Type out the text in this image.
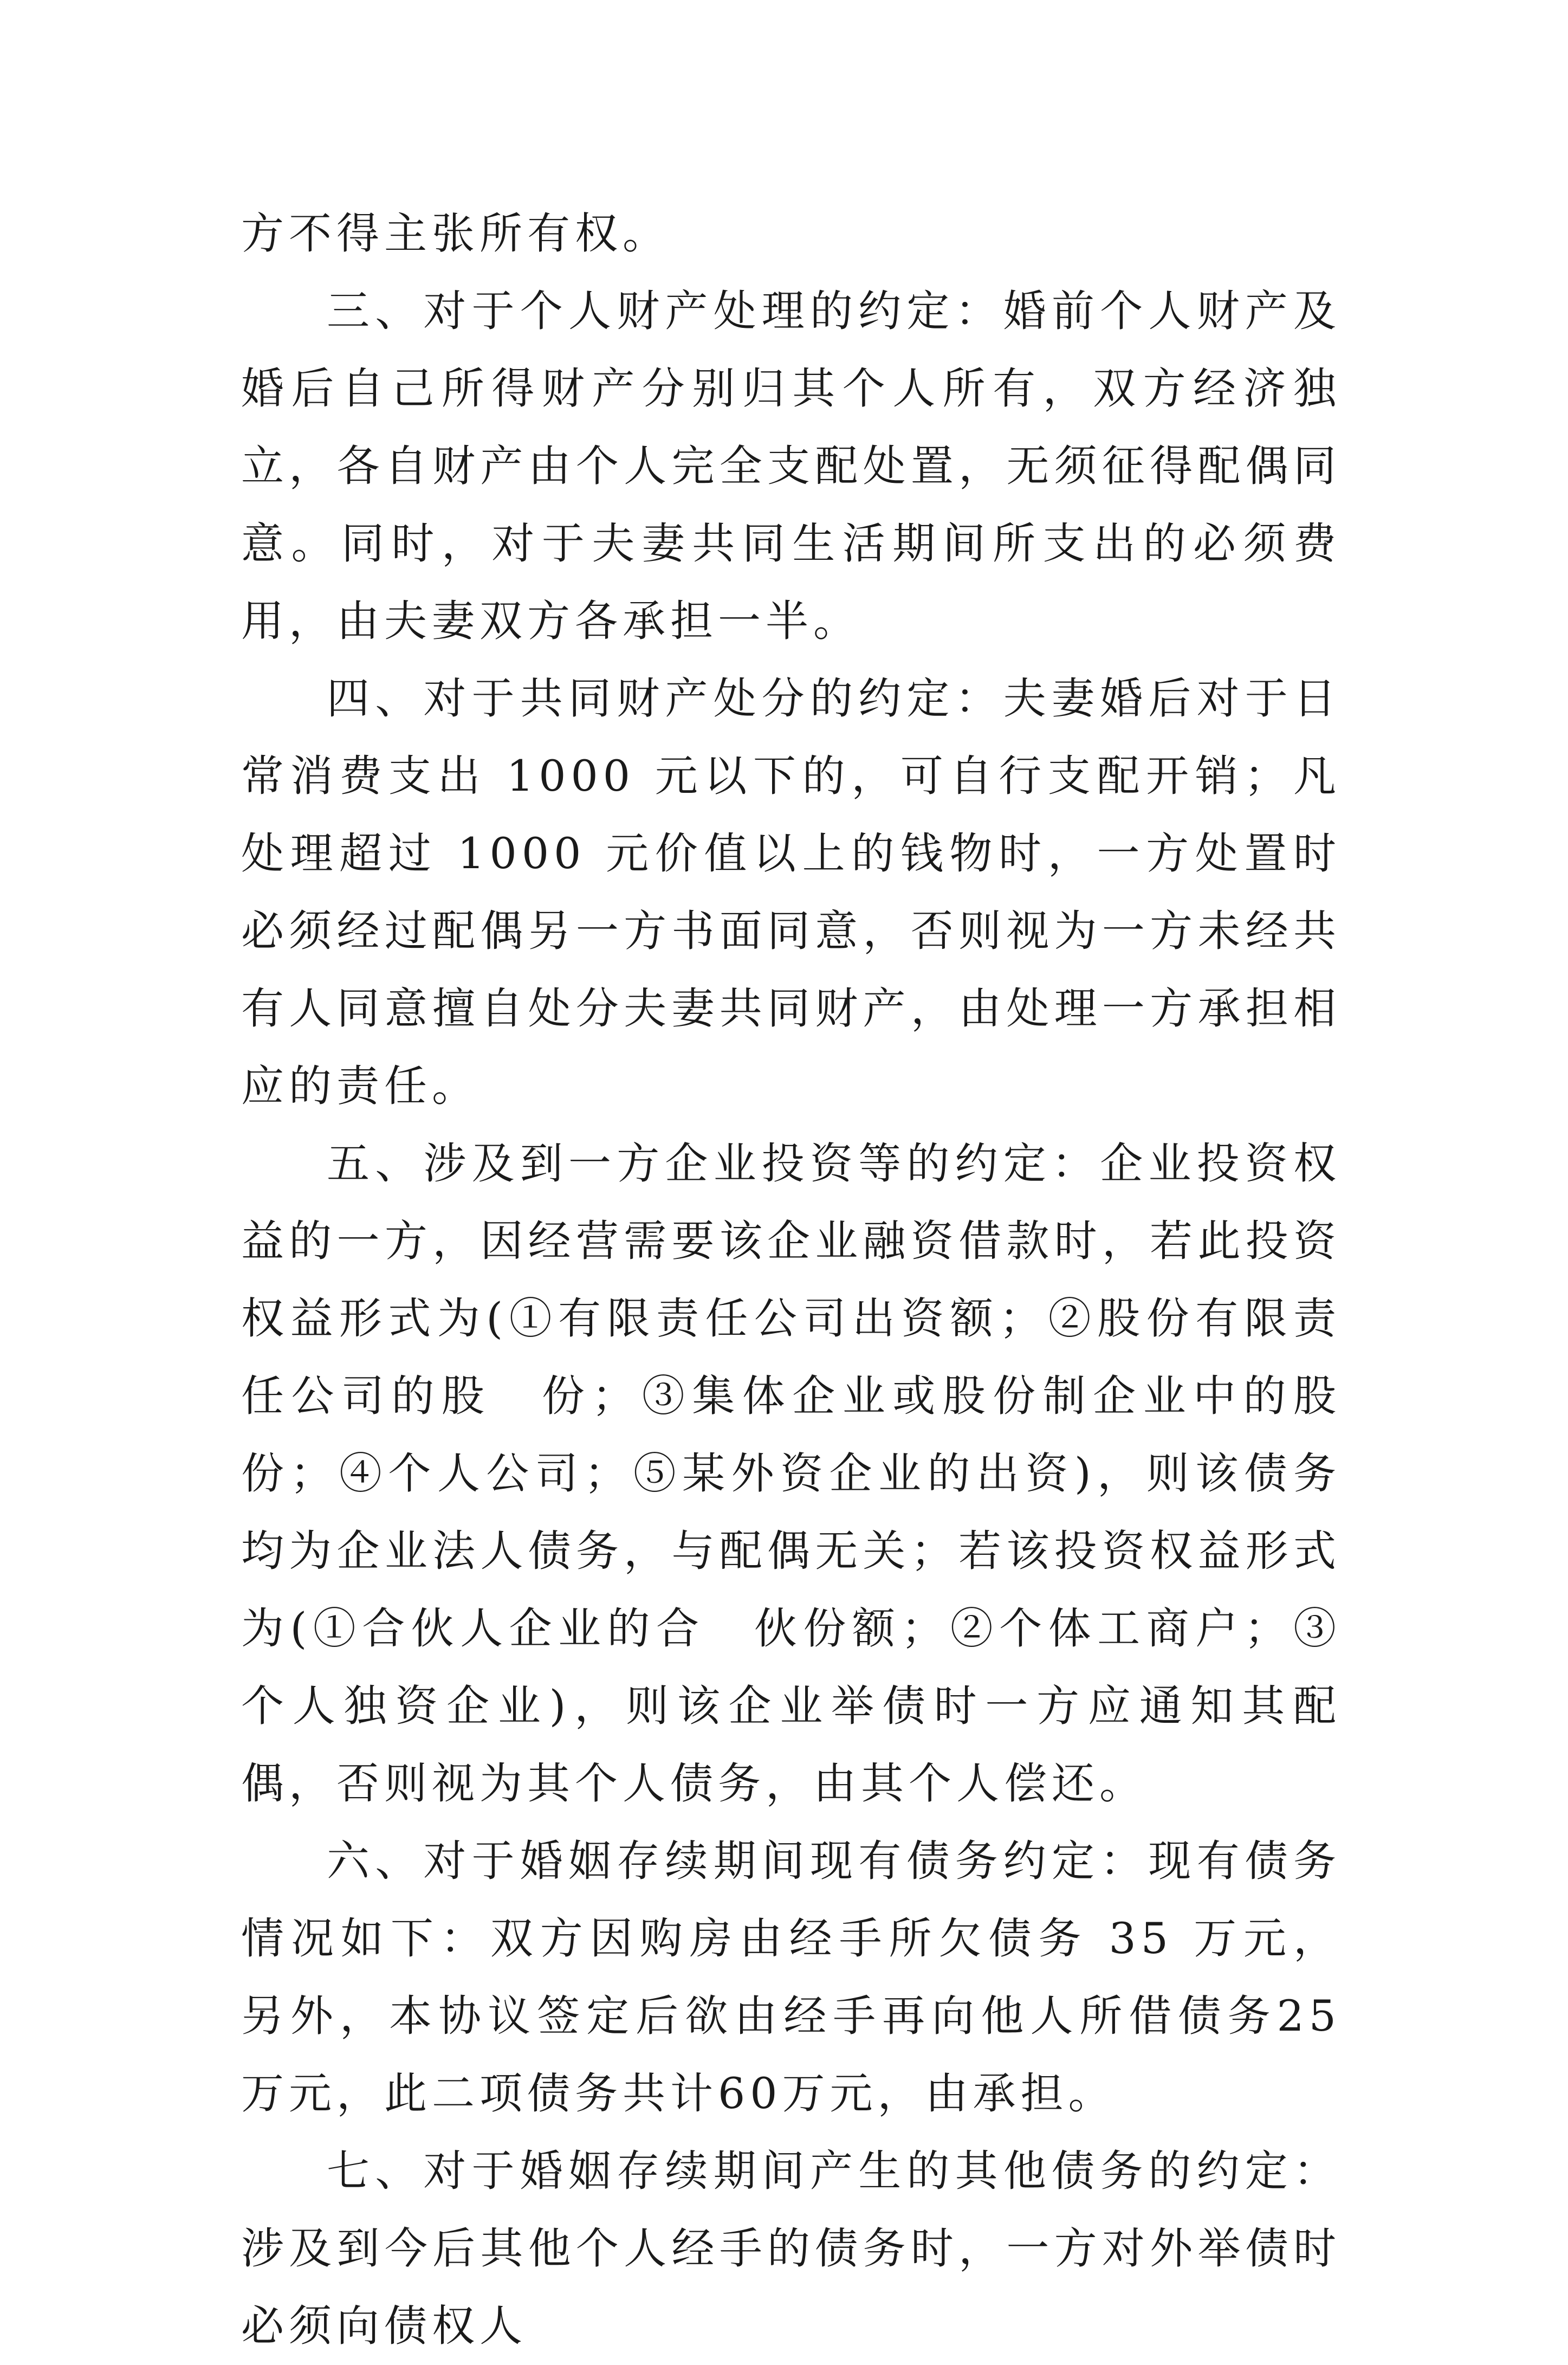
方不得主张所有权。

三、对于个人财产处理的约定：婚前个人财产及婚后自己所得财产分别归其个人所有，双方经济独立，各自财产由个人完全支配处置，无须征得配偶同意。同时，对于夫妻共同生活期间所支出的必须费用，由夫妻双方各承担一半。

四、对于共同财产处分的约定：夫妻婚后对于日常消费支出 1000 元以下的，可自行支配开销；凡处理超过 1000 元价值以上的钱物时，一方处置时必须经过配偶另一方书面同意，否则视为一方未经共有人同意擅自处分夫妻共同财产，由处理一方承担相应的责任。

五、涉及到一方企业投资等的约定：企业投资权益的一方，因经营需要该企业融资借款时，若此投资权益形式为(①有限责任公司出资额；②股份有限责任公司的股　份；③集体企业或股份制企业中的股份；④个人公司；⑤某外资企业的出资)，则该债务均为企业法人债务，与配偶无关；若该投资权益形式为(①合伙人企业的合　伙份额；②个体工商户；③个人独资企业)，则该企业举债时一方应通知其配偶，否则视为其个人债务，由其个人偿还。

六、对于婚姻存续期间现有债务约定：现有债务情况如下：双方因购房由经手所欠债务 35 万元，另外，本协议签定后欲由经手再向他人所借债务25万元，此二项债务共计60万元，由承担。

七、对于婚姻存续期间产生的其他债务的约定：涉及到今后其他个人经手的债务时，一方对外举债时必须向债权人
